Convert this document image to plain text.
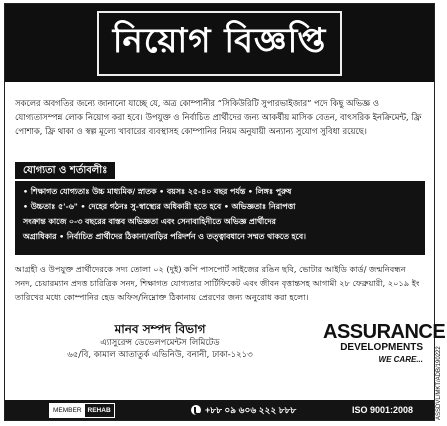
নিয়োগ বিজ্ঞপ্তি
সকলের অবগতির জন্যে জানানো যাচ্ছে যে, অত্র কোম্পানীর “সিকিউরিটি সুপারভাইজার” পদে কিছু অভিজ্ঞ ও যোগ্যতাসম্পন্ন লোক নিয়োগ করা হবে। উপযুক্ত ও নির্বাচিত প্রার্থীদের জন্য আকর্ষীয় মাসিক বেতন, বাৎসরিক ইনক্রিমেন্ট, ফ্রি পোশাক, ফ্রি থাকা ও স্বল্প মূল্যে খাবারের ব্যবস্থাসহ কোম্পানির নিয়ম অনুযায়ী অন্যান্য সুযোগ সুবিধা রয়েছে।
যোগ্যতা ও শর্তাবলীঃ
• শিক্ষাগত যোগ্যতাঃ উচ্চ মাধ্যমিক/ স্নাতক • বয়সঃ ২৫-৪০ বছর পর্যন্ত • লিঙ্গঃ পুরুষ
• উচ্চতাঃ ৫'-৬" • দেহের গঠনঃ সু-স্বাস্থ্যের অধিকারী হতে হবে • অভিজ্ঞতাঃ নিরাপত্তা
সংক্রান্ত কাজে ০-৩ বছরের বাস্তব অভিজ্ঞতা এবং সেনাবাহিনীতে অভিজ্ঞ প্রার্থীদের
অগ্রাধিকার • নির্বাচিত প্রার্থীদের ঠিকানা/বাড়ির পরিদর্শন ও তত্ত্বাবধানে সম্মত থাকতে হবে।
আগ্রহী ও উপযুক্ত প্রার্থীদেরকে সদ্য তোলা ০২ (দুই) কপি পাসপোর্ট সাইজের রঙিন ছবি, ভোটার আইডি কার্ড/ জন্মনিবন্ধন সনদ, চেয়ারম্যান প্রদত্ত চারিত্রিক সনদ, শিক্ষাগত যোগ্যতার সার্টিফিকেট এবং জীবন বৃত্তান্তসহ আগামী ২৮ ফেব্রুয়ারী, ২০১৯ ইং তারিখের মধ্যে কোম্পানির হেড অফিস/নিম্নোক্ত ঠিকানায় প্রেরণের জন্য অনুরোধ করা হলো।
মানব সম্পদ বিভাগ
এ্যাসুরেন্স ডেভেলপমেন্টস লিমিটেড
৬৫/বি, কামাল আতাতুর্ক এভিনিউ, বনানী, ঢাকা-১২১৩
ASSURANCE
DEVELOPMENTS
WE CARE...
MEMBER REHAB	+৮৮ ০৯ ৬০৬ ২২২ ৮৮৮	ISO 9001:2008	ASSDVL/MKT/ADB/190222
